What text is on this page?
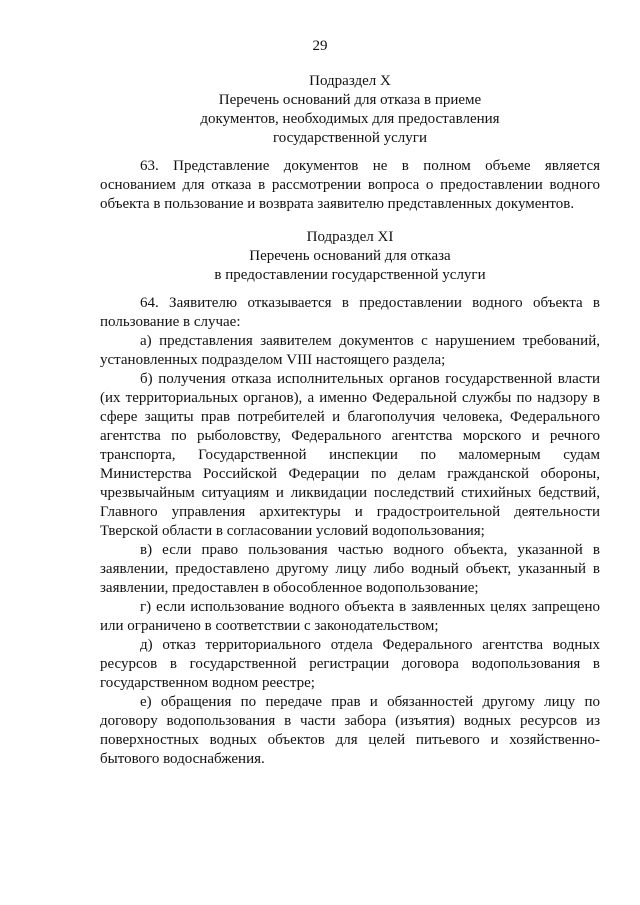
29
Подраздел X
Перечень оснований для отказа в приеме
документов, необходимых для предоставления
государственной услуги

63. Представление документов не в полном объеме является основанием для отказа в рассмотрении вопроса о предоставлении водного объекта в пользование и возврата заявителю представленных документов.

Подраздел XI
Перечень оснований для отказа
в предоставлении государственной услуги

64. Заявителю отказывается в предоставлении водного объекта в пользование в случае:

а) представления заявителем документов с нарушением требований, установленных подразделом VIII настоящего раздела;

б) получения отказа исполнительных органов государственной власти (их территориальных органов), а именно Федеральной службы по надзору в сфере защиты прав потребителей и благополучия человека, Федерального агентства по рыболовству, Федерального агентства морского и речного транспорта, Государственной инспекции по маломерным судам Министерства Российской Федерации по делам гражданской обороны, чрезвычайным ситуациям и ликвидации последствий стихийных бедствий, Главного управления архитектуры и градостроительной деятельности Тверской области в согласовании условий водопользования;

в) если право пользования частью водного объекта, указанной в заявлении, предоставлено другому лицу либо водный объект, указанный в заявлении, предоставлен в обособленное водопользование;

г) если использование водного объекта в заявленных целях запрещено или ограничено в соответствии с законодательством;

д) отказ территориального отдела Федерального агентства водных ресурсов в государственной регистрации договора водопользования в государственном водном реестре;

е) обращения по передаче прав и обязанностей другому лицу по договору водопользования в части забора (изъятия) водных ресурсов из поверхностных водных объектов для целей питьевого и хозяйственно-бытового водоснабжения.
